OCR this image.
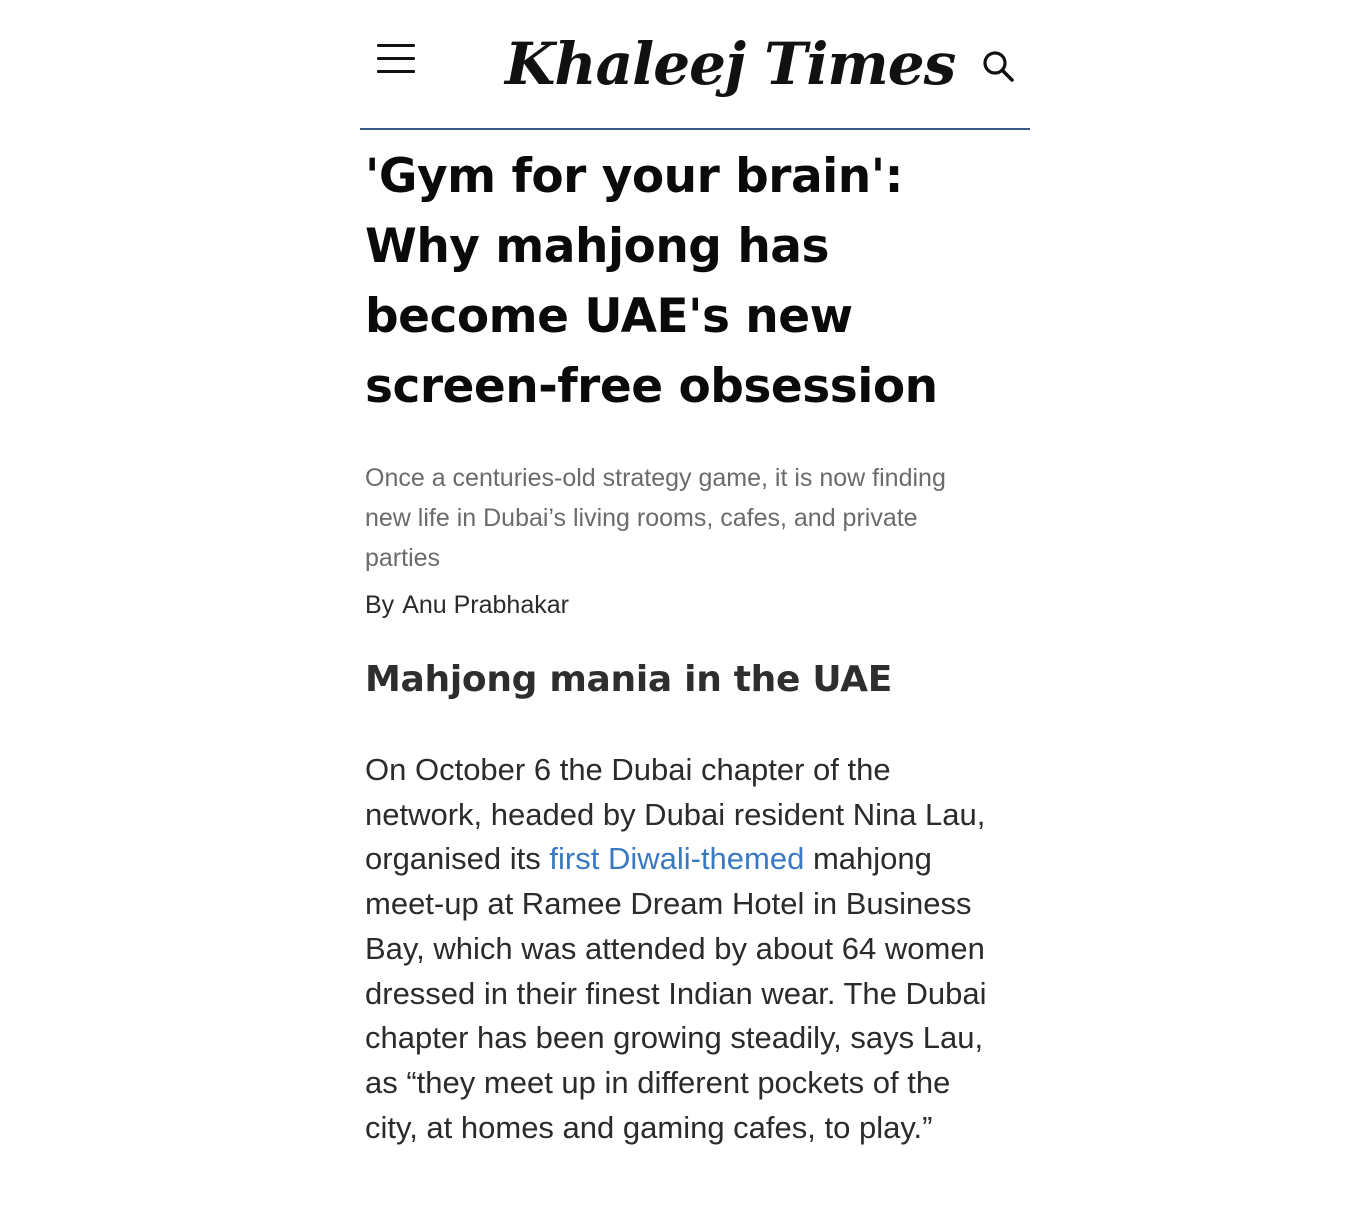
Khaleej Times
'Gym for your brain': Why mahjong has become UAE's new screen-free obsession

Once a centuries-old strategy game, it is now finding new life in Dubai’s living rooms, cafes, and private parties

By Anu Prabhakar
Mahjong mania in the UAE

On October 6 the Dubai chapter of the network, headed by Dubai resident Nina Lau, organised its first Diwali-themed mahjong meet-up at Ramee Dream Hotel in Business Bay, which was attended by about 64 women dressed in their finest Indian wear. The Dubai chapter has been growing steadily, says Lau, as “they meet up in different pockets of the city, at homes and gaming cafes, to play.”
